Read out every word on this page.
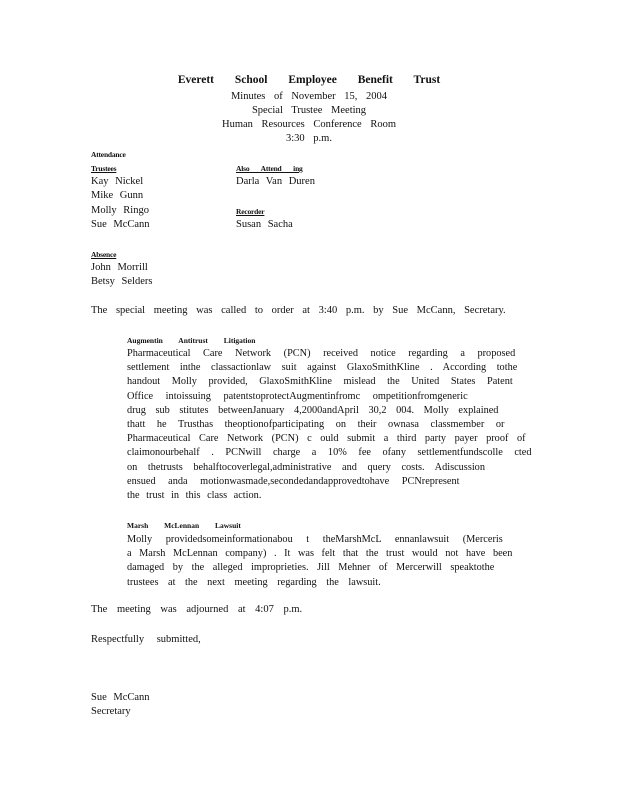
Everett School Employee Benefit Trust
Minutes of November 15, 2004
Special Trustee Meeting
Human Resources Conference Room
3:30 p.m.
Attendance
Trustees
Kay Nickel
Mike Gunn
Molly Ringo
Sue McCann
Also Attend ing
Darla Van Duren
Recorder
Susan Sacha
Absence
John Morrill
Betsy Selders
The special meeting was called to order at 3:40 p.m. by Sue McCann, Secretary.
Augmentin Antitrust Litigation
Pharmaceutical Care Network (PCN) received notice regarding a proposed
settlement inthe classactionlaw suit against GlaxoSmithKline . According tothe
handout Molly provided, GlaxoSmithKline mislead the United States Patent
Office intoissuing patentstoprotectAugmentinfromc ompetitionfromgeneric
drug sub stitutes betweenJanuary 4,2000andApril 30,2 004. Molly explained
thatt he Trusthas theoptionofparticipating on their ownasa classmember or
Pharmaceutical Care Network (PCN) c ould submit a third party payer proof of
claimonourbehalf . PCNwill charge a 10% fee ofany settlementfundscolle cted
on thetrusts behalftocoverlegal,administrative and query costs. Adiscussion
ensued anda motionwasmade,secondedandapprovedtohave PCNrepresent
the trust in this class action.
Marsh McLennan Lawsuit
Molly providedsomeinformationabou t theMarshMcL ennanlawsuit (Merceris
a Marsh McLennan company) . It was felt that the trust would not have been
damaged by the alleged improprieties. Jill Mehner of Mercerwill speaktothe
trustees at the next meeting regarding the lawsuit.
The meeting was adjourned at 4:07 p.m.
Respectfully submitted,
Sue McCann
Secretary
